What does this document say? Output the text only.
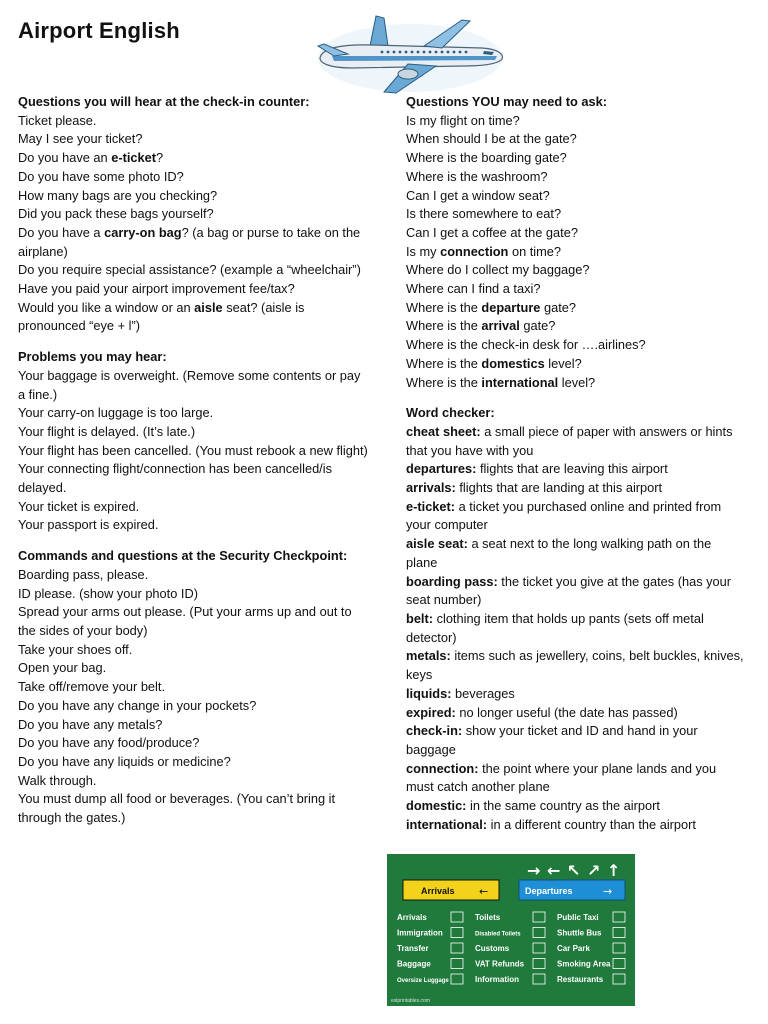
Airport English
Questions you will hear at the check-in counter:
Ticket please.
May I see your ticket?
Do you have an e-ticket?
Do you have some photo ID?
How many bags are you checking?
Did you pack these bags yourself?
Do you have a carry-on bag? (a bag or purse to take on the airplane)
Do you require special assistance? (example a “wheelchair”)
Have you paid your airport improvement fee/tax?
Would you like a window or an aisle seat? (aisle is pronounced “eye + l”)
Problems you may hear:
Your baggage is overweight. (Remove some contents or pay a fine.)
Your carry-on luggage is too large.
Your flight is delayed. (It’s late.)
Your flight has been cancelled. (You must rebook a new flight)
Your connecting flight/connection has been cancelled/is delayed.
Your ticket is expired.
Your passport is expired.
Commands and questions at the Security Checkpoint:
Boarding pass, please.
ID please. (show your photo ID)
Spread your arms out please. (Put your arms up and out to the sides of your body)
Take your shoes off.
Open your bag.
Take off/remove your belt.
Do you have any change in your pockets?
Do you have any metals?
Do you have any food/produce?
Do you have any liquids or medicine?
Walk through.
You must dump all food or beverages. (You can’t bring it through the gates.)
Questions YOU may need to ask:
Is my flight on time?
When should I be at the gate?
Where is the boarding gate?
Where is the washroom?
Can I get a window seat?
Is there somewhere to eat?
Can I get a coffee at the gate?
Is my connection on time?
Where do I collect my baggage?
Where can I find a taxi?
Where is the departure gate?
Where is the arrival gate?
Where is the check-in desk for ….airlines?
Where is the domestics level?
Where is the international level?
Word checker:
cheat sheet: a small piece of paper with answers or hints that you have with you
departures: flights that are leaving this airport
arrivals: flights that are landing at this airport
e-ticket: a ticket you purchased online and printed from your computer
aisle seat: a seat next to the long walking path on the plane
boarding pass: the ticket you give at the gates (has your seat number)
belt: clothing item that holds up pants (sets off metal detector)
metals: items such as jewellery, coins, belt buckles, knives, keys
liquids: beverages
expired: no longer useful (the date has passed)
check-in: show your ticket and ID and hand in your baggage
connection: the point where your plane lands and you must catch another plane
domestic: in the same country as the airport
international: in a different country than the airport
→ ← ↖ ↗ ↑
Arrivals ←	Departures	→
Arrivals
Immigration
Transfer
Baggage
Oversize Luggage
Toilets
Disabled Toilets
Customs
VAT Refunds
Information
Public Taxi
Shuttle Bus
Car Park
Smoking Area
Restaurants
eslprintables.com
